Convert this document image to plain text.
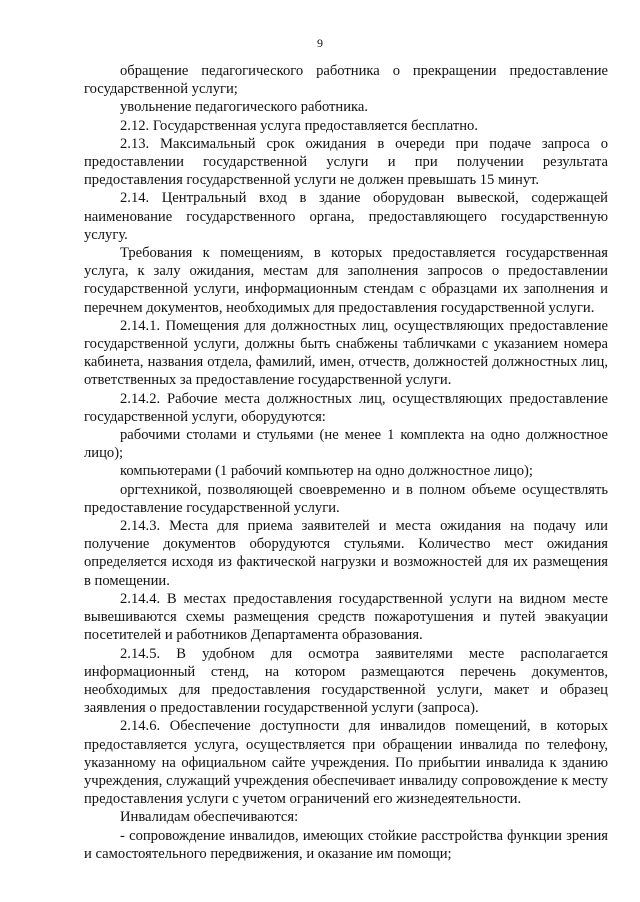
9

обращение педагогического работника о прекращении предоставление государственной услуги;

увольнение педагогического работника.

2.12. Государственная услуга предоставляется бесплатно.

2.13. Максимальный срок ожидания в очереди при подаче запроса о предоставлении государственной услуги и при получении результата предоставления государственной услуги не должен превышать 15 минут.

2.14. Центральный вход в здание оборудован вывеской, содержащей наименование государственного органа, предоставляющего государственную услугу.

Требования к помещениям, в которых предоставляется государственная услуга, к залу ожидания, местам для заполнения запросов о предоставлении государственной услуги, информационным стендам с образцами их заполнения и перечнем документов, необходимых для предоставления государственной услуги.

2.14.1. Помещения для должностных лиц, осуществляющих предоставление государственной услуги, должны быть снабжены табличками с указанием номера кабинета, названия отдела, фамилий, имен, отчеств, должностей должностных лиц, ответственных за предоставление государственной услуги.

2.14.2. Рабочие места должностных лиц, осуществляющих предоставление государственной услуги, оборудуются:

рабочими столами и стульями (не менее 1 комплекта на одно должностное лицо);

компьютерами (1 рабочий компьютер на одно должностное лицо);

оргтехникой, позволяющей своевременно и в полном объеме осуществлять предоставление государственной услуги.

2.14.3. Места для приема заявителей и места ожидания на подачу или получение документов оборудуются стульями. Количество мест ожидания определяется исходя из фактической нагрузки и возможностей для их размещения в помещении.

2.14.4. В местах предоставления государственной услуги на видном месте вывешиваются схемы размещения средств пожаротушения и путей эвакуации посетителей и работников Департамента образования.

2.14.5. В удобном для осмотра заявителями месте располагается информационный стенд, на котором размещаются перечень документов, необходимых для предоставления государственной услуги, макет и образец заявления о предоставлении государственной услуги (запроса).

2.14.6. Обеспечение доступности для инвалидов помещений, в которых предоставляется услуга, осуществляется при обращении инвалида по телефону, указанному на официальном сайте учреждения. По прибытии инвалида к зданию учреждения, служащий учреждения обеспечивает инвалиду сопровождение к месту предоставления услуги с учетом ограничений его жизнедеятельности.

Инвалидам обеспечиваются:

- сопровождение инвалидов, имеющих стойкие расстройства функции зрения и самостоятельного передвижения, и оказание им помощи;
